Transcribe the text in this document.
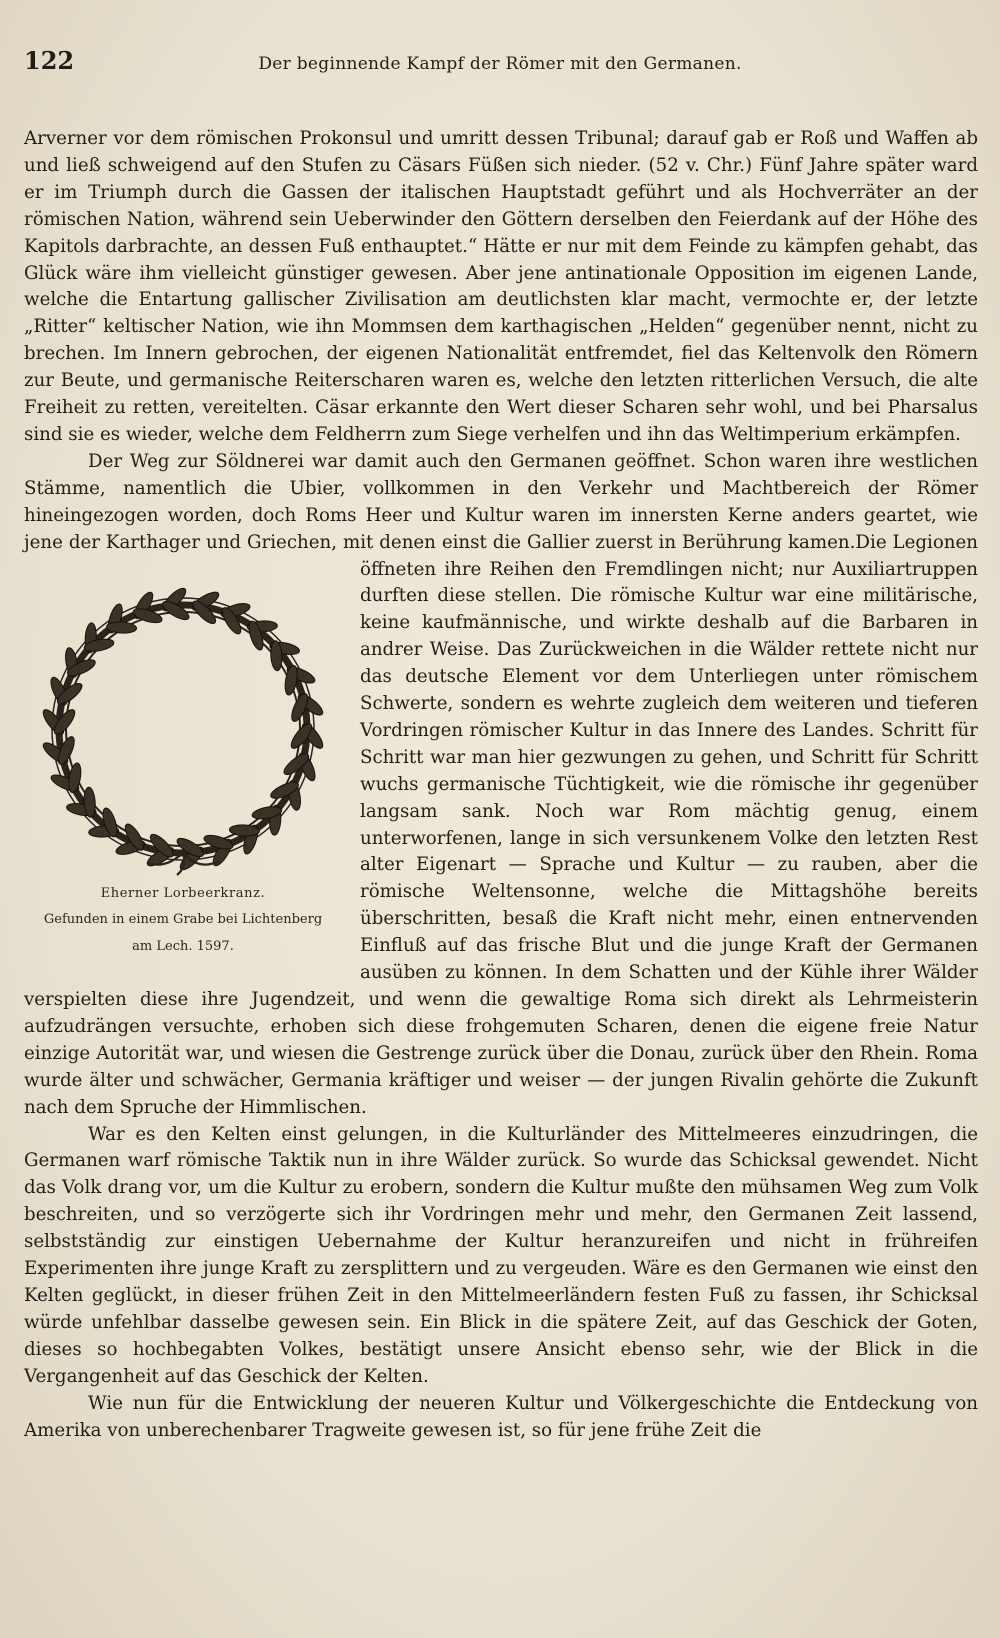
122	Der beginnende Kampf der Römer mit den Germanen.

Arverner vor dem römischen Prokonsul und umritt dessen Tribunal; darauf gab er Roß und Waffen ab und ließ schweigend auf den Stufen zu Cäsars Füßen sich nieder. (52 v. Chr.) Fünf Jahre später ward er im Triumph durch die Gassen der italischen Hauptstadt geführt und als Hochverräter an der römischen Nation, während sein Ueberwinder den Göttern derselben den Feierdank auf der Höhe des Kapitols darbrachte, an dessen Fuß enthauptet.“ Hätte er nur mit dem Feinde zu kämpfen gehabt, das Glück wäre ihm vielleicht günstiger gewesen. Aber jene antinationale Opposition im eigenen Lande, welche die Entartung gallischer Zivilisation am deutlichsten klar macht, vermochte er, der letzte „Ritter“ keltischer Nation, wie ihn Mommsen dem karthagischen „Helden“ gegenüber nennt, nicht zu brechen. Im Innern gebrochen, der eigenen Nationalität entfremdet, fiel das Keltenvolk den Römern zur Beute, und germanische Reiterscharen waren es, welche den letzten ritterlichen Versuch, die alte Freiheit zu retten, vereitelten. Cäsar erkannte den Wert dieser Scharen sehr wohl, und bei Pharsalus sind sie es wieder, welche dem Feldherrn zum Siege verhelfen und ihn das Weltimperium erkämpfen.

Der Weg zur Söldnerei war damit auch den Germanen geöffnet. Schon waren ihre westlichen Stämme, namentlich die Ubier, vollkommen in den Verkehr und Machtbereich der Römer hineingezogen worden, doch Roms Heer und Kultur waren im innersten Kerne anders geartet, wie jene der Karthager und Griechen, mit denen einst die Gallier zuerst in Berührung kamen.
Eherner Lorbeerkranz.
Gefunden in einem Grabe bei Lichtenberg
am Lech. 1597.
Die Legionen öffneten ihre Reihen den Fremdlingen nicht; nur Auxiliartruppen durften diese stellen. Die römische Kultur war eine militärische, keine kaufmännische, und wirkte deshalb auf die Barbaren in andrer Weise. Das Zurückweichen in die Wälder rettete nicht nur das deutsche Element vor dem Unterliegen unter römischem Schwerte, sondern es wehrte zugleich dem weiteren und tieferen Vordringen römischer Kultur in das Innere des Landes. Schritt für Schritt war man hier gezwungen zu gehen, und Schritt für Schritt wuchs germanische Tüchtigkeit, wie die römische ihr gegenüber langsam sank. Noch war Rom mächtig genug, einem unterworfenen, lange in sich versunkenem Volke den letzten Rest alter Eigenart — Sprache und Kultur — zu rauben, aber die römische Weltensonne, welche die Mittagshöhe bereits überschritten, besaß die Kraft nicht mehr, einen entnervenden Einfluß auf das frische Blut und die junge Kraft der Germanen ausüben zu können. In dem Schatten und der Kühle ihrer Wälder verspielten diese ihre Jugendzeit, und wenn die gewaltige Roma sich direkt als Lehrmeisterin aufzudrängen versuchte, erhoben sich diese frohgemuten Scharen, denen die eigene freie Natur einzige Autorität war, und wiesen die Gestrenge zurück über die Donau, zurück über den Rhein. Roma wurde älter und schwächer, Germania kräftiger und weiser — der jungen Rivalin gehörte die Zukunft nach dem Spruche der Himmlischen.

War es den Kelten einst gelungen, in die Kulturländer des Mittelmeeres einzudringen, die Germanen warf römische Taktik nun in ihre Wälder zurück. So wurde das Schicksal gewendet. Nicht das Volk drang vor, um die Kultur zu erobern, sondern die Kultur mußte den mühsamen Weg zum Volk beschreiten, und so verzögerte sich ihr Vordringen mehr und mehr, den Germanen Zeit lassend, selbstständig zur einstigen Uebernahme der Kultur heranzureifen und nicht in frühreifen Experimenten ihre junge Kraft zu zersplittern und zu vergeuden. Wäre es den Germanen wie einst den Kelten geglückt, in dieser frühen Zeit in den Mittelmeerländern festen Fuß zu fassen, ihr Schicksal würde unfehlbar dasselbe gewesen sein. Ein Blick in die spätere Zeit, auf das Geschick der Goten, dieses so hochbegabten Volkes, bestätigt unsere Ansicht ebenso sehr, wie der Blick in die Vergangenheit auf das Geschick der Kelten.

Wie nun für die Entwicklung der neueren Kultur und Völkergeschichte die Entdeckung von Amerika von unberechenbarer Tragweite gewesen ist, so für jene frühe Zeit die
